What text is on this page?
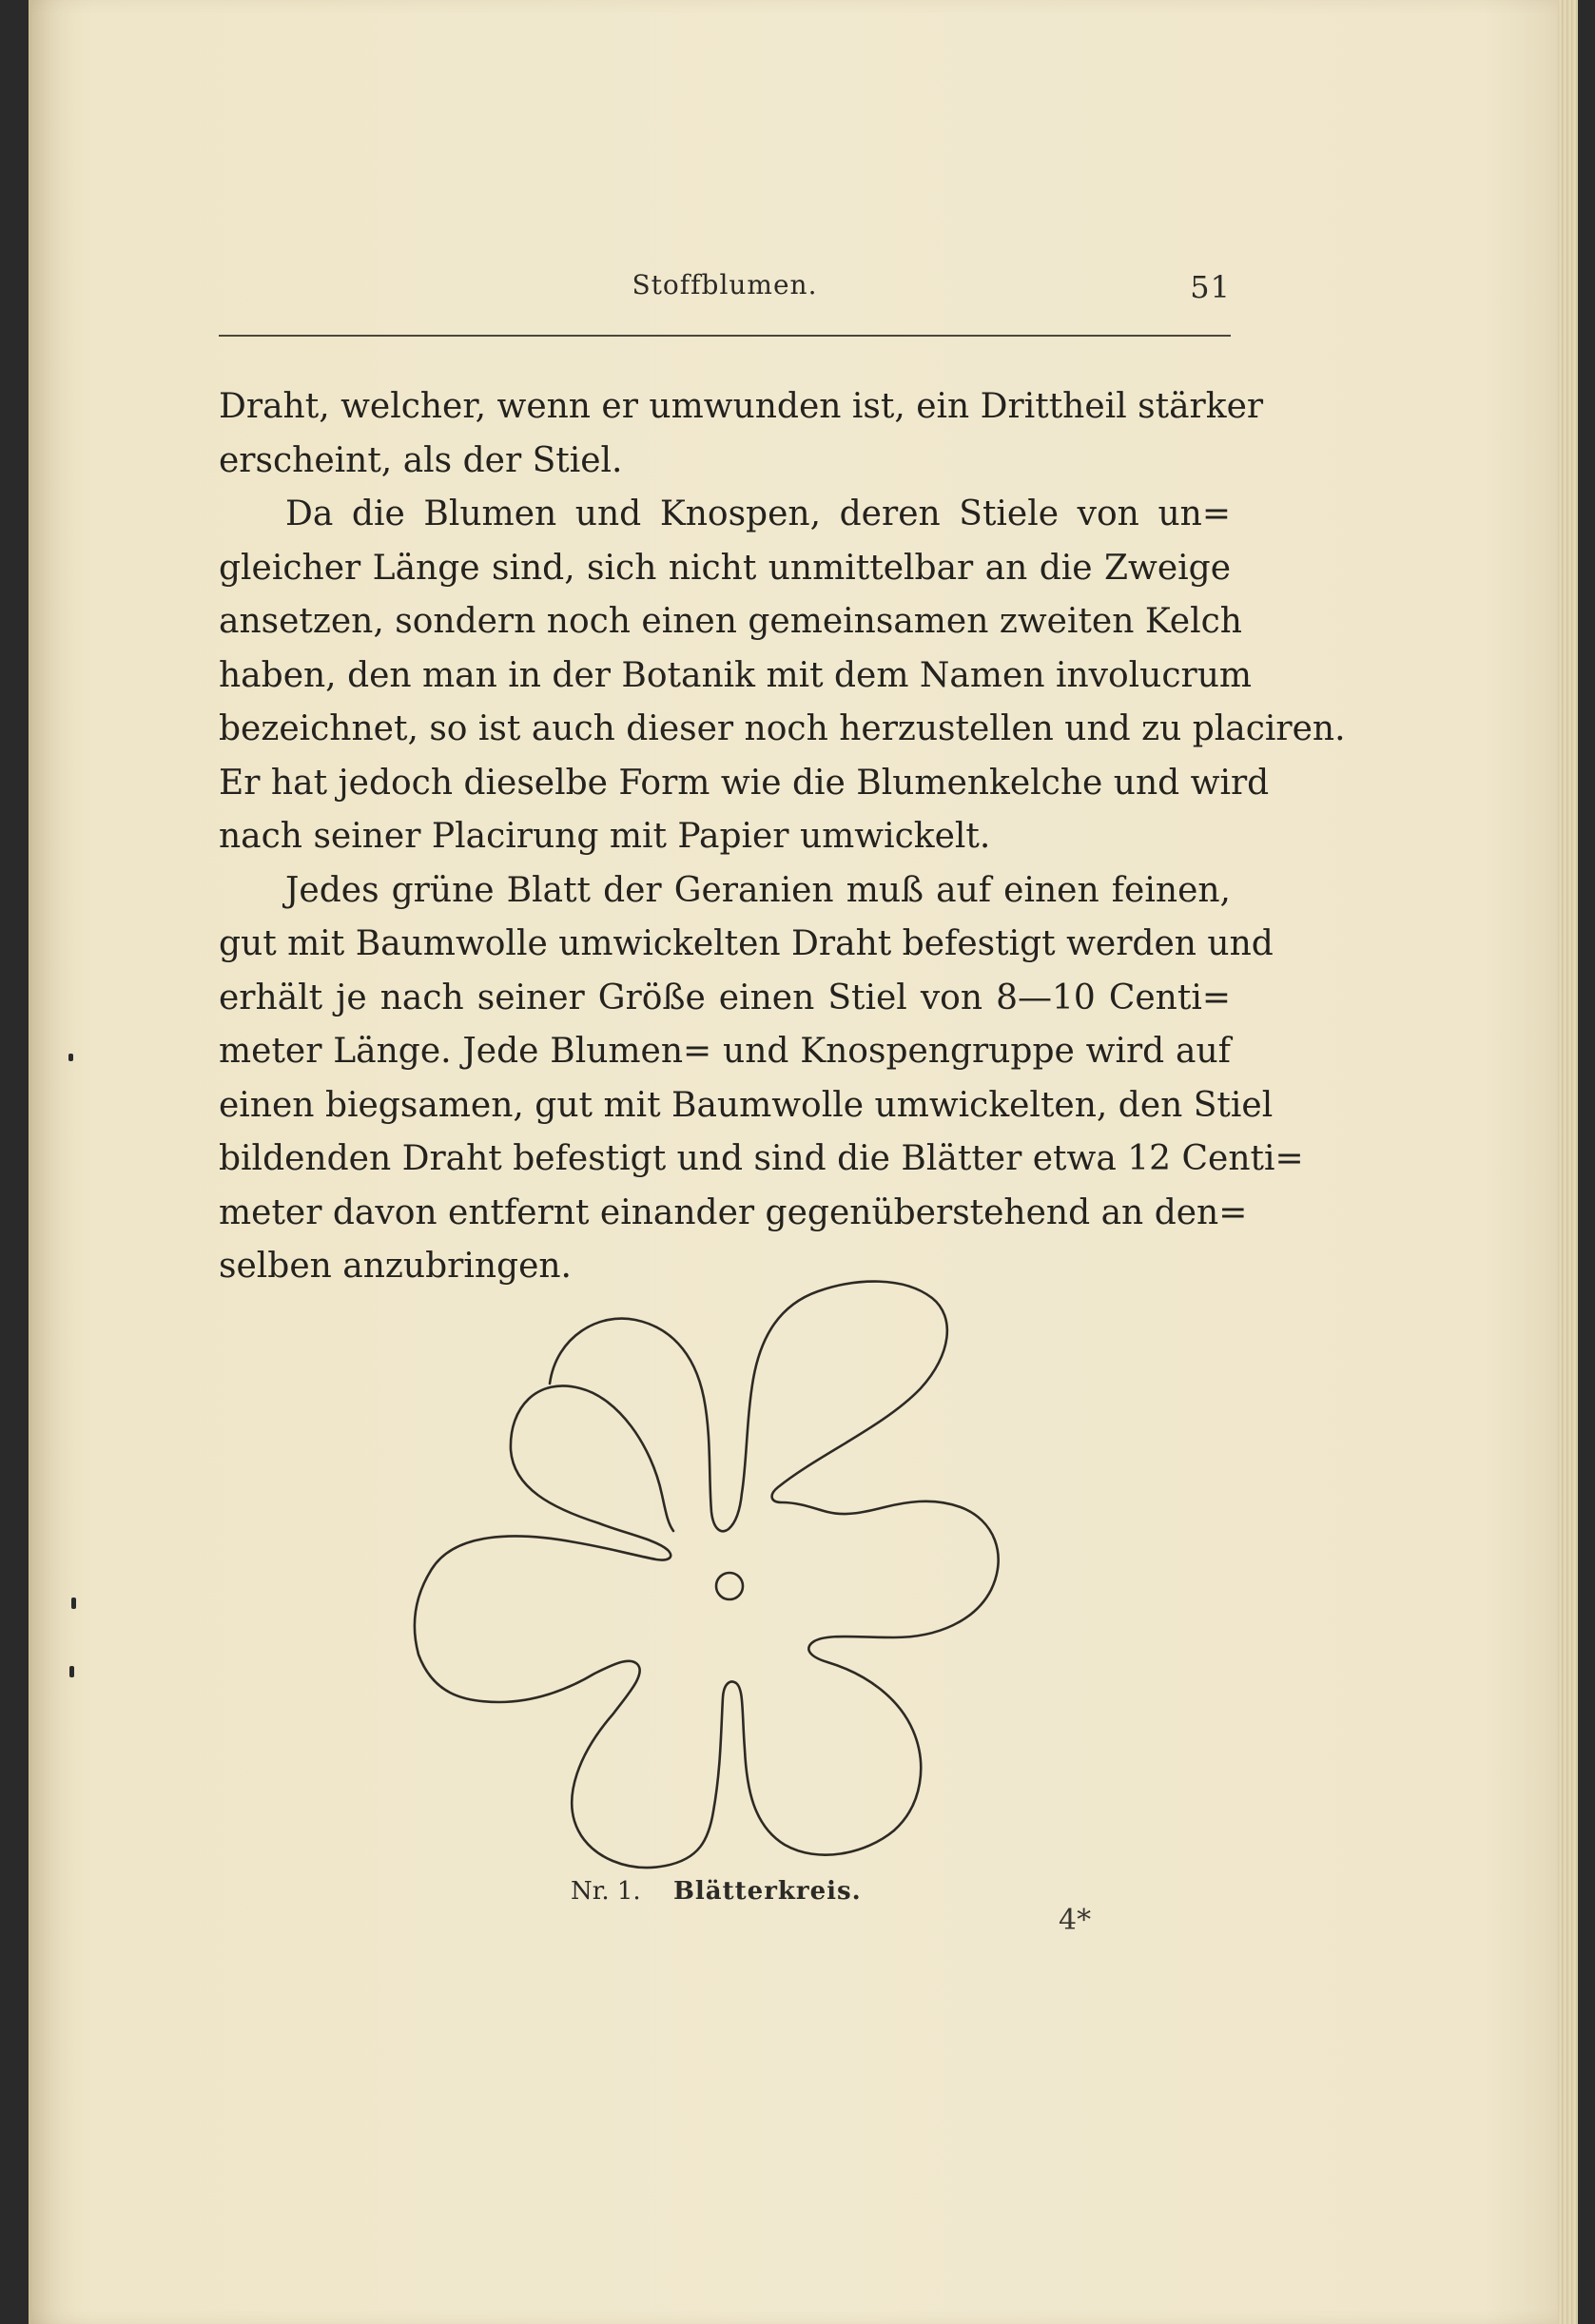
Stoffblumen.	51
Draht, welcher, wenn er umwunden ist, ein Drittheil stärker
erscheint, als der Stiel.
Da die Blumen und Knospen, deren Stiele von un=
gleicher Länge sind, sich nicht unmittelbar an die Zweige
ansetzen, sondern noch einen gemeinsamen zweiten Kelch
haben, den man in der Botanik mit dem Namen involucrum
bezeichnet, so ist auch dieser noch herzustellen und zu placiren.
Er hat jedoch dieselbe Form wie die Blumenkelche und wird
nach seiner Placirung mit Papier umwickelt.
Jedes grüne Blatt der Geranien muß auf einen feinen,
gut mit Baumwolle umwickelten Draht befestigt werden und
erhält je nach seiner Größe einen Stiel von 8—10 Centi=
meter Länge. Jede Blumen= und Knospengruppe wird auf
einen biegsamen, gut mit Baumwolle umwickelten, den Stiel
bildenden Draht befestigt und sind die Blätter etwa 12 Centi=
meter davon entfernt einander gegenüberstehend an den=
selben anzubringen.
Nr. 1. Blätterkreis.
4*
